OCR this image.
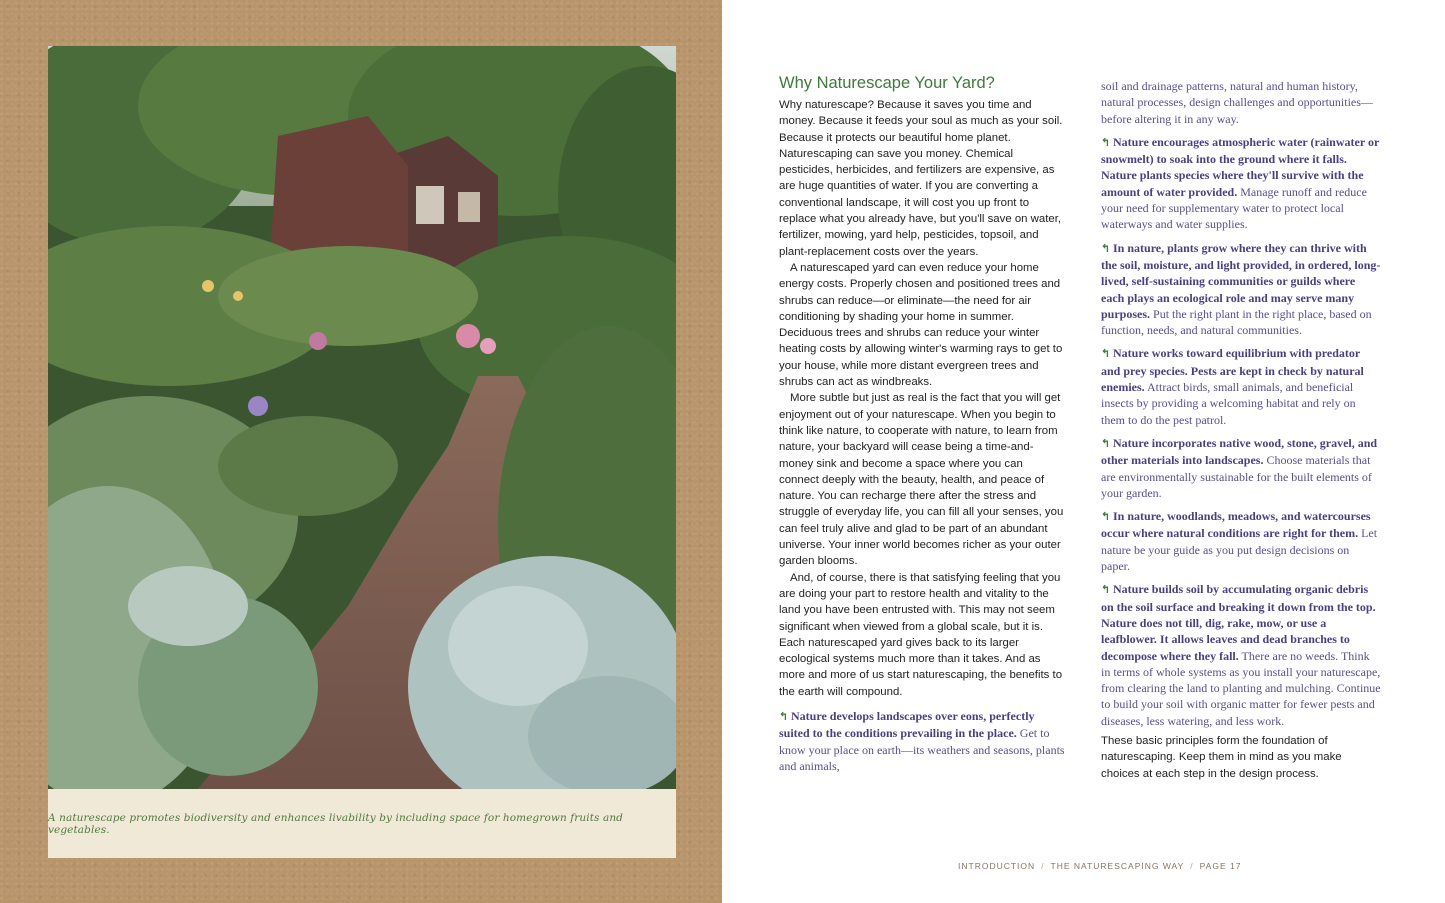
A naturescape promotes biodiversity and enhances livability by including space for homegrown fruits and vegetables.
Why Naturescape Your Yard?

Why naturescape? Because it saves you time and money. Because it feeds your soul as much as your soil. Because it protects our beautiful home planet. Naturescaping can save you money. Chemical pesticides, herbicides, and fertilizers are expensive, as are huge quantities of water. If you are converting a conventional landscape, it will cost you up front to replace what you already have, but you'll save on water, fertilizer, mowing, yard help, pesticides, topsoil, and plant-replacement costs over the years.

A naturescaped yard can even reduce your home energy costs. Properly chosen and positioned trees and shrubs can reduce—or eliminate—the need for air conditioning by shading your home in summer. Deciduous trees and shrubs can reduce your winter heating costs by allowing winter's warming rays to get to your house, while more distant evergreen trees and shrubs can act as windbreaks.

More subtle but just as real is the fact that you will get enjoyment out of your naturescape. When you begin to think like nature, to cooperate with nature, to learn from nature, your backyard will cease being a time-and-money sink and become a space where you can connect deeply with the beauty, health, and peace of nature. You can recharge there after the stress and struggle of everyday life, you can fill all your senses, you can feel truly alive and glad to be part of an abundant universe. Your inner world becomes richer as your outer garden blooms.

And, of course, there is that satisfying feeling that you are doing your part to restore health and vitality to the land you have been entrusted with. This may not seem significant when viewed from a global scale, but it is. Each naturescaped yard gives back to its larger ecological systems much more than it takes. And as more and more of us start naturescaping, the benefits to the earth will compound.

↰ Nature develops landscapes over eons, perfectly suited to the conditions prevailing in the place. Get to know your place on earth—its weathers and seasons, plants and animals,

soil and drainage patterns, natural and human history, natural processes, design challenges and opportunities—before altering it in any way.

↰ Nature encourages atmospheric water (rainwater or snowmelt) to soak into the ground where it falls. Nature plants species where they'll survive with the amount of water provided. Manage runoff and reduce your need for supplementary water to protect local waterways and water supplies.

↰ In nature, plants grow where they can thrive with the soil, moisture, and light provided, in ordered, long-lived, self-sustaining communities or guilds where each plays an ecological role and may serve many purposes. Put the right plant in the right place, based on function, needs, and natural communities.

↰ Nature works toward equilibrium with predator and prey species. Pests are kept in check by natural enemies. Attract birds, small animals, and beneficial insects by providing a welcoming habitat and rely on them to do the pest patrol.

↰ Nature incorporates native wood, stone, gravel, and other materials into landscapes. Choose materials that are environmentally sustainable for the built elements of your garden.

↰ In nature, woodlands, meadows, and watercourses occur where natural conditions are right for them. Let nature be your guide as you put design decisions on paper.

↰ Nature builds soil by accumulating organic debris on the soil surface and breaking it down from the top. Nature does not till, dig, rake, mow, or use a leafblower. It allows leaves and dead branches to decompose where they fall. There are no weeds. Think in terms of whole systems as you install your naturescape, from clearing the land to planting and mulching. Continue to build your soil with organic matter for fewer pests and diseases, less watering, and less work.

These basic principles form the foundation of naturescaping. Keep them in mind as you make choices at each step in the design process.

INTRODUCTION / THE NATURESCAPING WAY / PAGE 17
